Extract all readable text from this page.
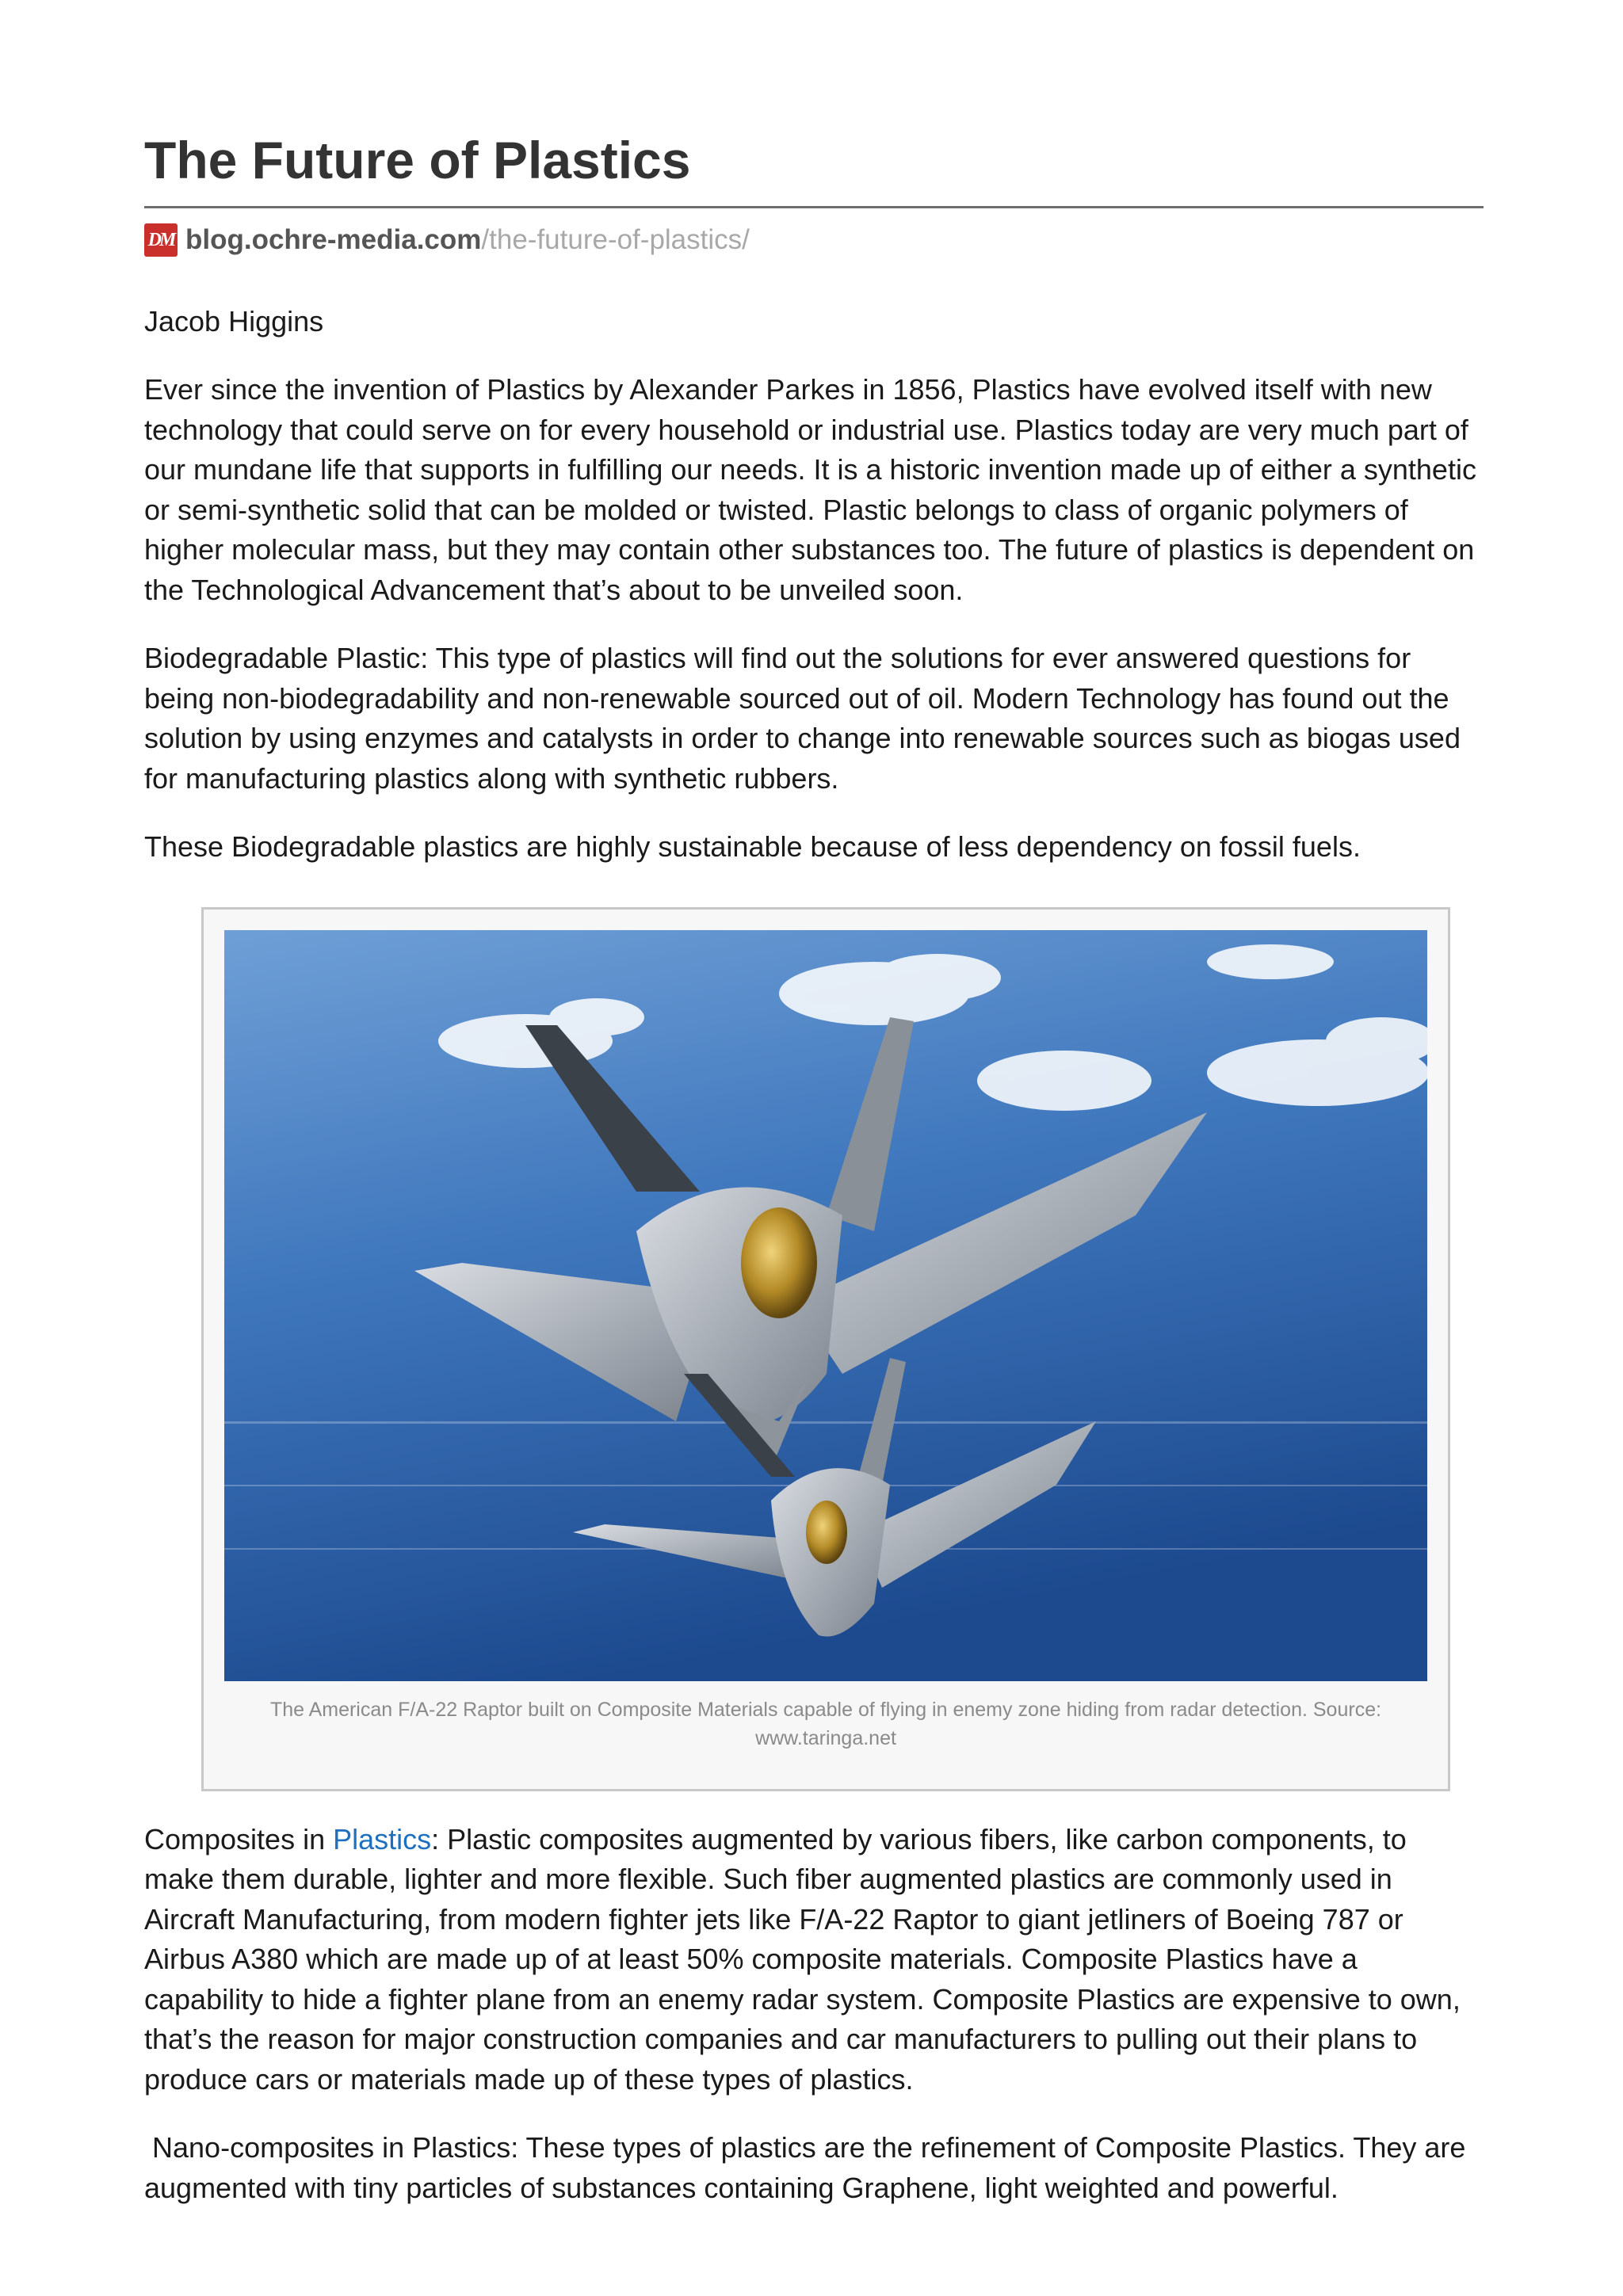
The Future of Plastics
DM blog.ochre-media.com /the-future-of-plastics/
Jacob Higgins

Ever since the invention of Plastics by Alexander Parkes in 1856, Plastics have evolved itself with new technology that could serve on for every household or industrial use. Plastics today are very much part of our mundane life that supports in fulfilling our needs. It is a historic invention made up of either a synthetic or semi-synthetic solid that can be molded or twisted. Plastic belongs to class of organic polymers of higher molecular mass, but they may contain other substances too. The future of plastics is dependent on the Technological Advancement that’s about to be unveiled soon.

Biodegradable Plastic: This type of plastics will find out the solutions for ever answered questions for being non-biodegradability and non-renewable sourced out of oil. Modern Technology has found out the solution by using enzymes and catalysts in order to change into renewable sources such as biogas used for manufacturing plastics along with synthetic rubbers.

These Biodegradable plastics are highly sustainable because of less dependency on fossil fuels.

The American F/A-22 Raptor built on Composite Materials capable of flying in enemy zone hiding from radar detection. Source: www.taringa.net

Composites in Plastics: Plastic composites augmented by various fibers, like carbon components, to make them durable, lighter and more flexible. Such fiber augmented plastics are commonly used in Aircraft Manufacturing, from modern fighter jets like F/A-22 Raptor to giant jetliners of Boeing 787 or Airbus A380 which are made up of at least 50% composite materials. Composite Plastics have a capability to hide a fighter plane from an enemy radar system. Composite Plastics are expensive to own, that’s the reason for major construction companies and car manufacturers to pulling out their plans to produce cars or materials made up of these types of plastics.

Nano-composites in Plastics: These types of plastics are the refinement of Composite Plastics. They are augmented with tiny particles of substances containing Graphene, light weighted and powerful.
